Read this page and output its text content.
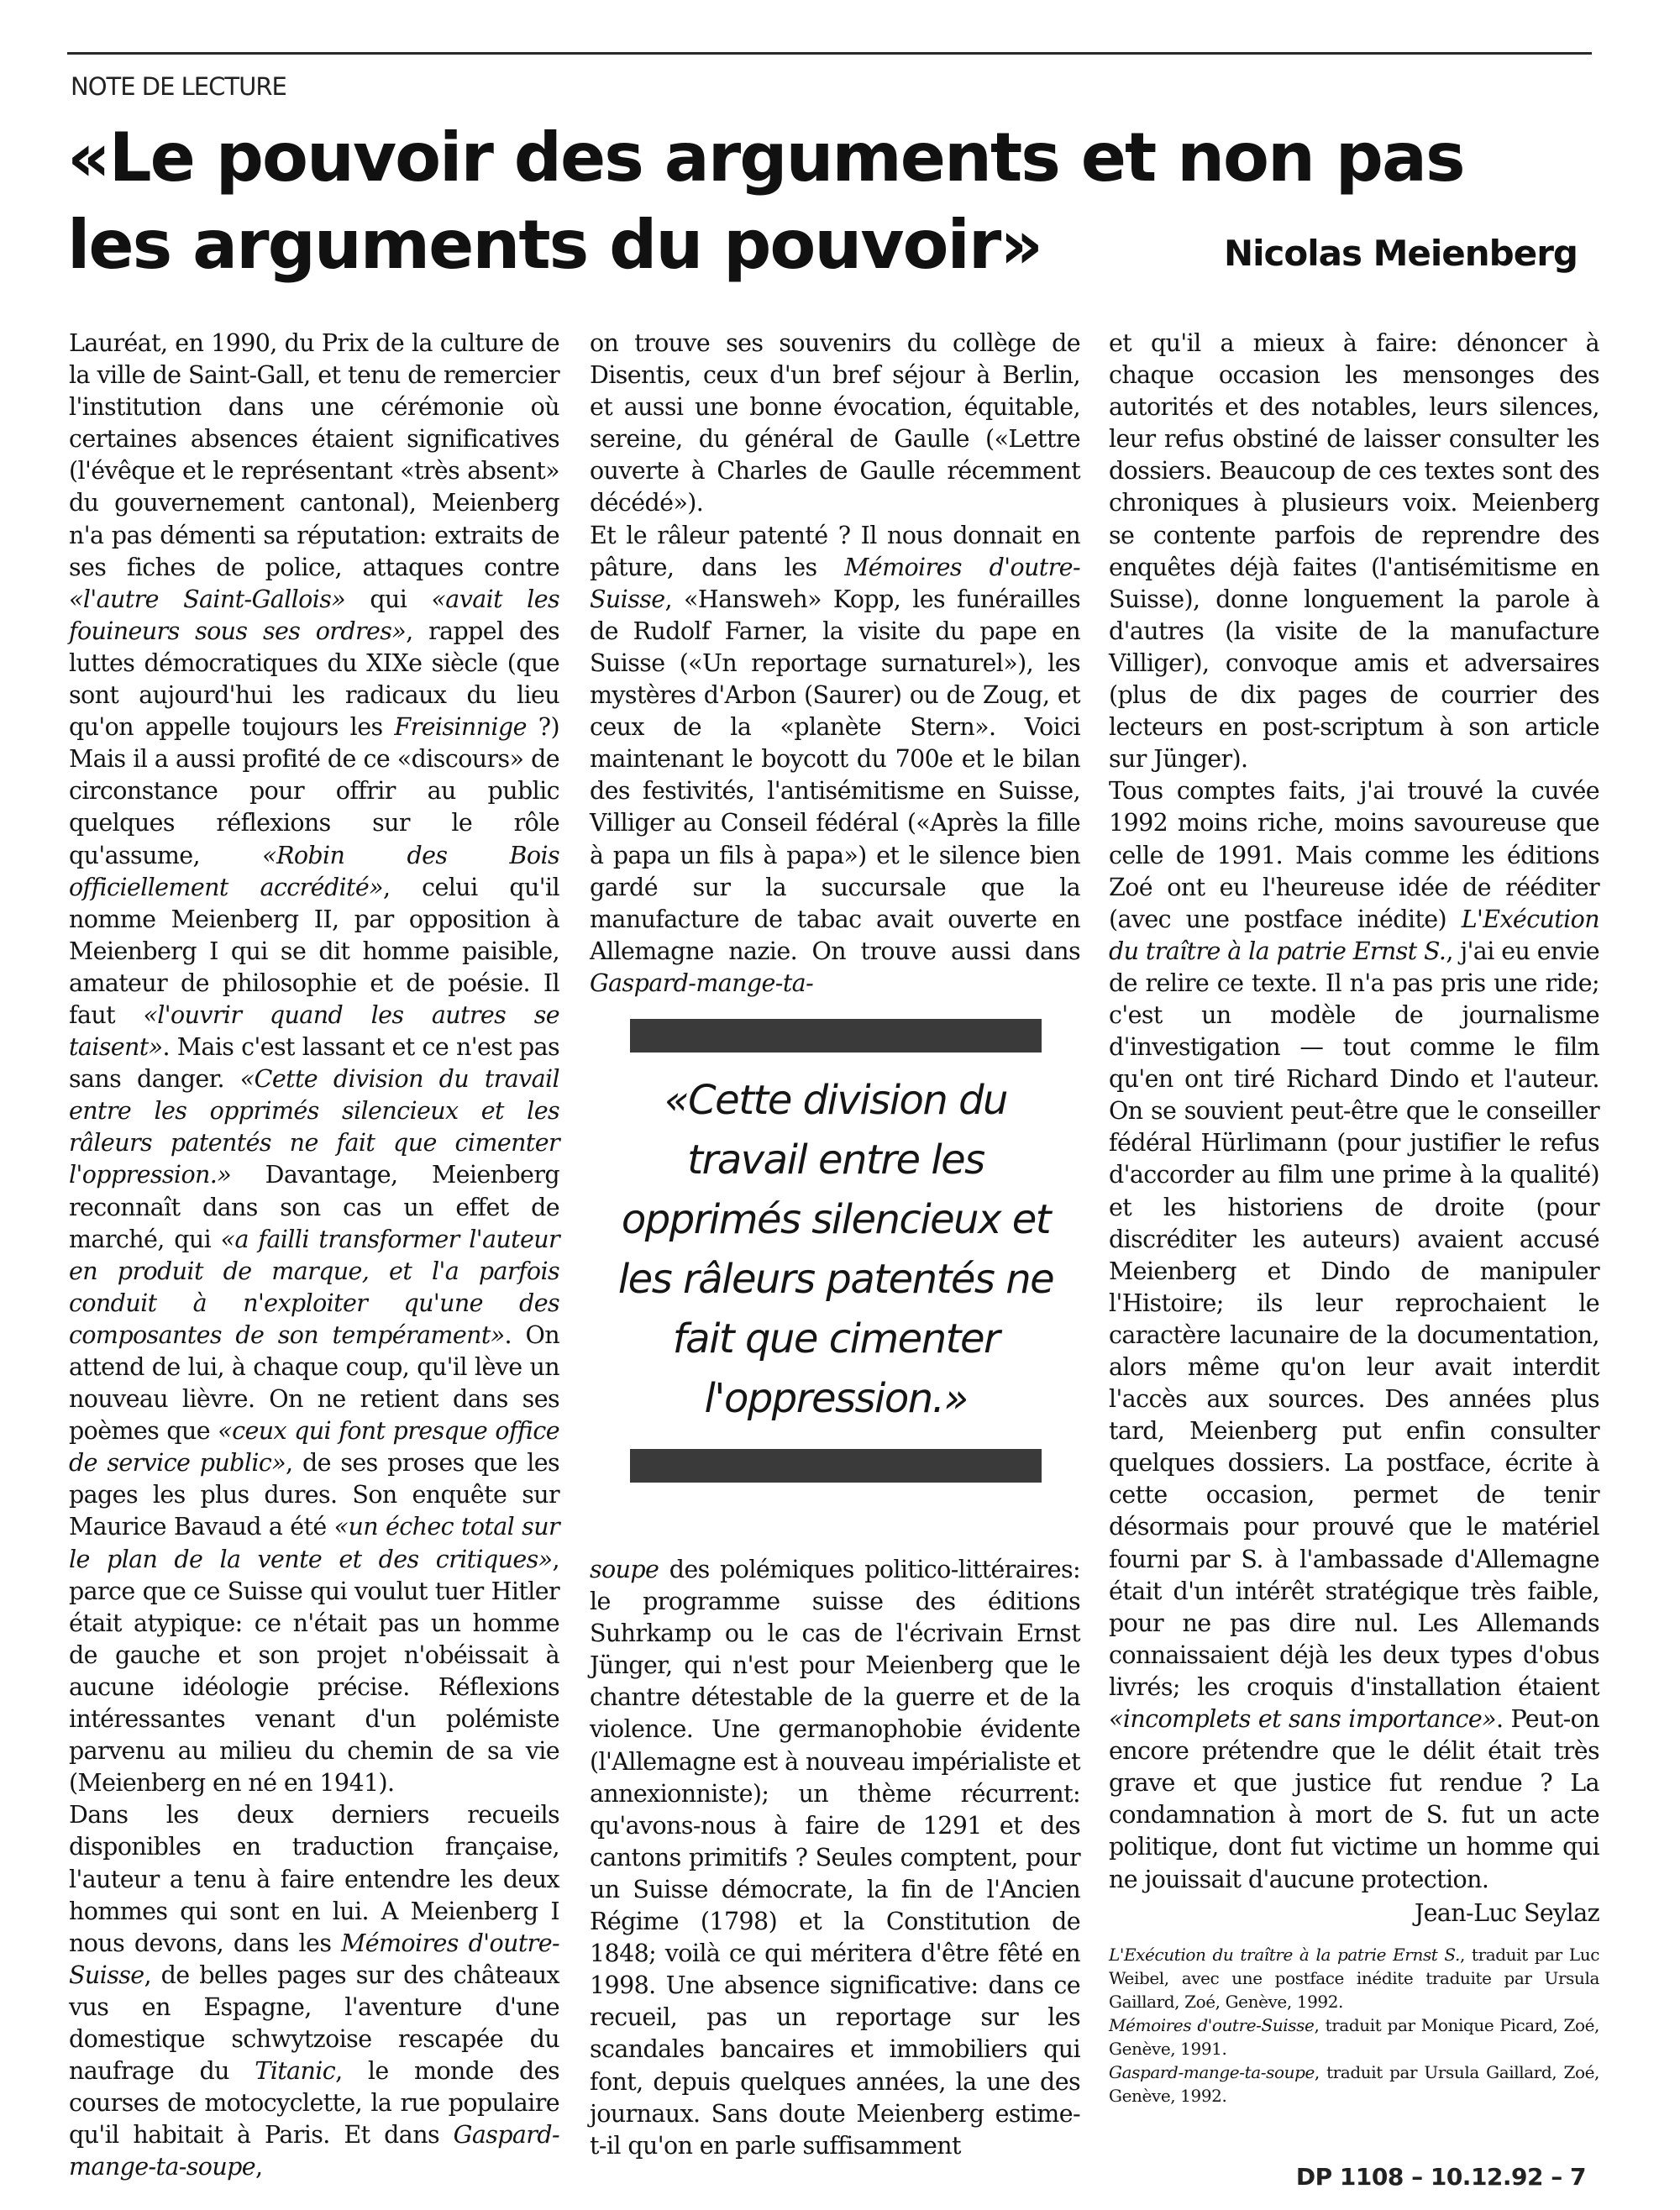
NOTE DE LECTURE
«Le pouvoir des arguments et non pas les arguments du pouvoir»	Nicolas Meienberg

Lauréat, en 1990, du Prix de la culture de la ville de Saint-Gall, et tenu de remercier l'institution dans une cérémonie où certaines absences étaient significatives (l'évêque et le représentant «très absent» du gouvernement cantonal), Meienberg n'a pas démenti sa réputation: extraits de ses fiches de police, attaques contre «l'autre Saint-Gallois» qui «avait les fouineurs sous ses ordres», rappel des luttes démocratiques du XIXe siècle (que sont aujourd'hui les radicaux du lieu qu'on appelle toujours les Freisinnige ?) Mais il a aussi profité de ce «discours» de circonstance pour offrir au public quelques réflexions sur le rôle qu'assume, «Robin des Bois officiellement accrédité», celui qu'il nomme Meienberg II, par opposition à Meienberg I qui se dit homme paisible, amateur de philosophie et de poésie. Il faut «l'ouvrir quand les autres se taisent». Mais c'est lassant et ce n'est pas sans danger. «Cette division du travail entre les opprimés silencieux et les râleurs patentés ne fait que cimenter l'oppression.» Davantage, Meienberg reconnaît dans son cas un effet de marché, qui «a failli transformer l'auteur en produit de marque, et l'a parfois conduit à n'exploiter qu'une des composantes de son tempérament». On attend de lui, à chaque coup, qu'il lève un nouveau lièvre. On ne retient dans ses poèmes que «ceux qui font presque office de service public», de ses proses que les pages les plus dures. Son enquête sur Maurice Bavaud a été «un échec total sur le plan de la vente et des critiques», parce que ce Suisse qui voulut tuer Hitler était atypique: ce n'était pas un homme de gauche et son projet n'obéissait à aucune idéologie précise. Réflexions intéressantes venant d'un polémiste parvenu au milieu du chemin de sa vie (Meienberg en né en 1941).

Dans les deux derniers recueils disponibles en traduction française, l'auteur a tenu à faire entendre les deux hommes qui sont en lui. A Meienberg I nous devons, dans les Mémoires d'outre-Suisse, de belles pages sur des châteaux vus en Espagne, l'aventure d'une domestique schwytzoise rescapée du naufrage du Titanic, le monde des courses de motocyclette, la rue populaire qu'il habitait à Paris. Et dans Gaspard-mange-ta-soupe,

on trouve ses souvenirs du collège de Disentis, ceux d'un bref séjour à Berlin, et aussi une bonne évocation, équitable, sereine, du général de Gaulle («Lettre ouverte à Charles de Gaulle récemment décédé»).

Et le râleur patenté ? Il nous donnait en pâture, dans les Mémoires d'outre-Suisse, «Hansweh» Kopp, les funérailles de Rudolf Farner, la visite du pape en Suisse («Un reportage surnaturel»), les mystères d'Arbon (Saurer) ou de Zoug, et ceux de la «planète Stern». Voici maintenant le boycott du 700e et le bilan des festivités, l'antisémitisme en Suisse, Villiger au Conseil fédéral («Après la fille à papa un fils à papa») et le silence bien gardé sur la succursale que la manufacture de tabac avait ouverte en Allemagne nazie. On trouve aussi dans Gaspard-mange-ta-

soupe des polémiques politico-littéraires: le programme suisse des éditions Suhrkamp ou le cas de l'écrivain Ernst Jünger, qui n'est pour Meienberg que le chantre détestable de la guerre et de la violence. Une germanophobie évidente (l'Allemagne est à nouveau impérialiste et annexionniste); un thème récurrent: qu'avons-nous à faire de 1291 et des cantons primitifs ? Seules comptent, pour un Suisse démocrate, la fin de l'Ancien Régime (1798) et la Constitution de 1848; voilà ce qui méritera d'être fêté en 1998. Une absence significative: dans ce recueil, pas un reportage sur les scandales bancaires et immobiliers qui font, depuis quelques années, la une des journaux. Sans doute Meienberg estime-t-il qu'on en parle suffisamment

«Cette division du travail entre les opprimés silencieux et les râleurs patentés ne fait que cimenter l'oppression.»

et qu'il a mieux à faire: dénoncer à chaque occasion les mensonges des autorités et des notables, leurs silences, leur refus obstiné de laisser consulter les dossiers. Beaucoup de ces textes sont des chroniques à plusieurs voix. Meienberg se contente parfois de reprendre des enquêtes déjà faites (l'antisémitisme en Suisse), donne longuement la parole à d'autres (la visite de la manufacture Villiger), convoque amis et adversaires (plus de dix pages de courrier des lecteurs en post-scriptum à son article sur Jünger).

Tous comptes faits, j'ai trouvé la cuvée 1992 moins riche, moins savoureuse que celle de 1991. Mais comme les éditions Zoé ont eu l'heureuse idée de rééditer (avec une postface inédite) L'Exécution du traître à la patrie Ernst S., j'ai eu envie de relire ce texte. Il n'a pas pris une ride; c'est un modèle de journalisme d'investigation — tout comme le film qu'en ont tiré Richard Dindo et l'auteur. On se souvient peut-être que le conseiller fédéral Hürlimann (pour justifier le refus d'accorder au film une prime à la qualité) et les historiens de droite (pour discréditer les auteurs) avaient accusé Meienberg et Dindo de manipuler l'Histoire; ils leur reprochaient le caractère lacunaire de la documentation, alors même qu'on leur avait interdit l'accès aux sources. Des années plus tard, Meienberg put enfin consulter quelques dossiers. La postface, écrite à cette occasion, permet de tenir désormais pour prouvé que le matériel fourni par S. à l'ambassade d'Allemagne était d'un intérêt stratégique très faible, pour ne pas dire nul. Les Allemands connaissaient déjà les deux types d'obus livrés; les croquis d'installation étaient «incomplets et sans importance». Peut-on encore prétendre que le délit était très grave et que justice fut rendue ? La condamnation à mort de S. fut un acte politique, dont fut victime un homme qui ne jouissait d'aucune protection.

Jean-Luc Seylaz
L'Exécution du traître à la patrie Ernst S., traduit par Luc Weibel, avec une postface inédite traduite par Ursula Gaillard, Zoé, Genève, 1992.
Mémoires d'outre-Suisse, traduit par Monique Picard, Zoé, Genève, 1991.
Gaspard-mange-ta-soupe, traduit par Ursula Gaillard, Zoé, Genève, 1992.
DP 1108 – 10.12.92 – 7
